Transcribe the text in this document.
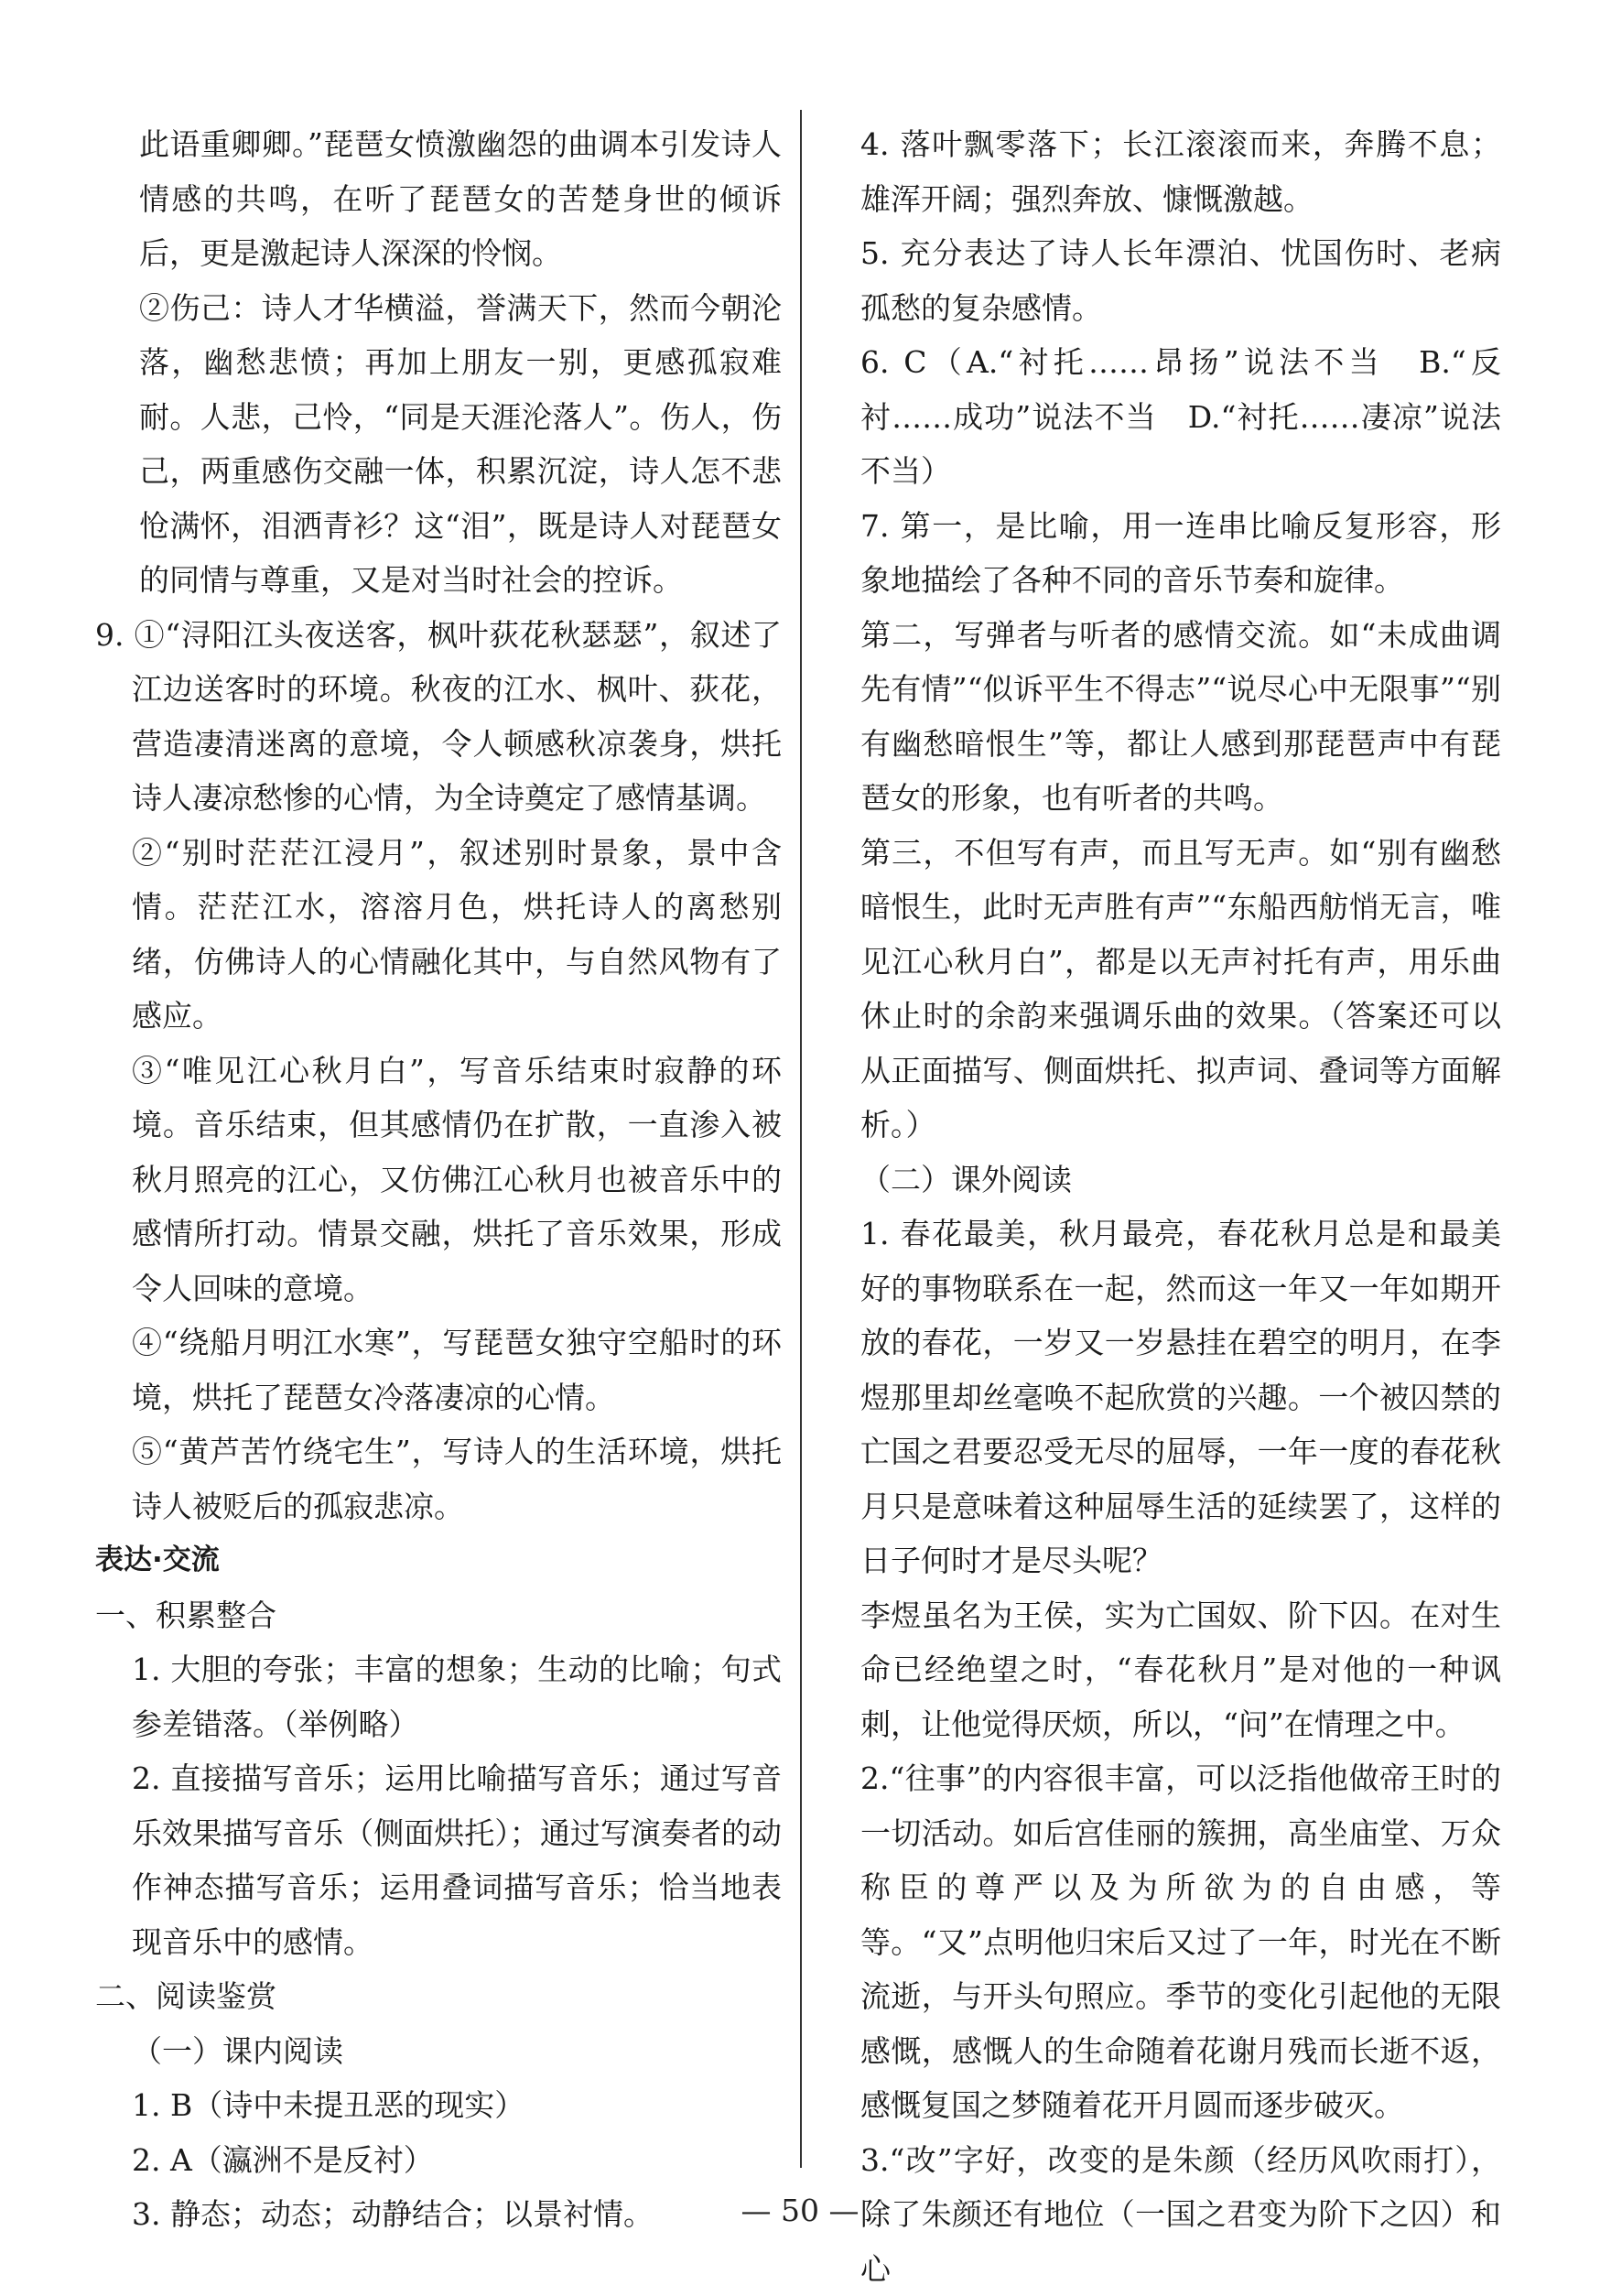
此语重卿卿。”琵琶女愤激幽怨的曲调本引发诗人情感的共鸣，在听了琵琶女的苦楚身世的倾诉后，更是激起诗人深深的怜悯。

②伤己：诗人才华横溢，誉满天下，然而今朝沦落，幽愁悲愤；再加上朋友一别，更感孤寂难耐。人悲，己怜，“同是天涯沦落人”。伤人，伤己，两重感伤交融一体，积累沉淀，诗人怎不悲怆满怀，泪洒青衫？这“泪”，既是诗人对琵琶女的同情与尊重，又是对当时社会的控诉。

9. ①“浔阳江头夜送客，枫叶荻花秋瑟瑟”，叙述了江边送客时的环境。秋夜的江水、枫叶、荻花，营造凄清迷离的意境，令人顿感秋凉袭身，烘托诗人凄凉愁惨的心情，为全诗奠定了感情基调。

②“别时茫茫江浸月”，叙述别时景象，景中含情。茫茫江水，溶溶月色，烘托诗人的离愁别绪，仿佛诗人的心情融化其中，与自然风物有了感应。

③“唯见江心秋月白”，写音乐结束时寂静的环境。音乐结束，但其感情仍在扩散，一直渗入被秋月照亮的江心，又仿佛江心秋月也被音乐中的感情所打动。情景交融，烘托了音乐效果，形成令人回味的意境。

④“绕船月明江水寒”，写琵琶女独守空船时的环境，烘托了琵琶女冷落凄凉的心情。

⑤“黄芦苦竹绕宅生”，写诗人的生活环境，烘托诗人被贬后的孤寂悲凉。

表达·交流

一、积累整合

1. 大胆的夸张；丰富的想象；生动的比喻；句式参差错落。（举例略）

2. 直接描写音乐；运用比喻描写音乐；通过写音乐效果描写音乐（侧面烘托）；通过写演奏者的动作神态描写音乐；运用叠词描写音乐；恰当地表现音乐中的感情。

二、阅读鉴赏

（一）课内阅读

1. B（诗中未提丑恶的现实）

2. A（瀛洲不是反衬）

3. 静态；动态；动静结合；以景衬情。

4. 落叶飘零落下；长江滚滚而来，奔腾不息；雄浑开阔；强烈奔放、慷慨激越。

5. 充分表达了诗人长年漂泊、忧国伤时、老病孤愁的复杂感情。

6. C（A.“衬托……昂扬”说法不当　B.“反衬……成功”说法不当　D.“衬托……凄凉”说法不当）

7. 第一，是比喻，用一连串比喻反复形容，形象地描绘了各种不同的音乐节奏和旋律。

第二，写弹者与听者的感情交流。如“未成曲调先有情”“似诉平生不得志”“说尽心中无限事”“别有幽愁暗恨生”等，都让人感到那琵琶声中有琵琶女的形象，也有听者的共鸣。

第三，不但写有声，而且写无声。如“别有幽愁暗恨生，此时无声胜有声”“东船西舫悄无言，唯见江心秋月白”，都是以无声衬托有声，用乐曲休止时的余韵来强调乐曲的效果。（答案还可以从正面描写、侧面烘托、拟声词、叠词等方面解析。）

（二）课外阅读

1. 春花最美，秋月最亮，春花秋月总是和最美好的事物联系在一起，然而这一年又一年如期开放的春花，一岁又一岁悬挂在碧空的明月，在李煜那里却丝毫唤不起欣赏的兴趣。一个被囚禁的亡国之君要忍受无尽的屈辱，一年一度的春花秋月只是意味着这种屈辱生活的延续罢了，这样的日子何时才是尽头呢？

李煜虽名为王侯，实为亡国奴、阶下囚。在对生命已经绝望之时，“春花秋月”是对他的一种讽刺，让他觉得厌烦，所以，“问”在情理之中。

2.“往事”的内容很丰富，可以泛指他做帝王时的一切活动。如后宫佳丽的簇拥，高坐庙堂、万众称臣的尊严以及为所欲为的自由感，等等。“又”点明他归宋后又过了一年，时光在不断流逝，与开头句照应。季节的变化引起他的无限感慨，感慨人的生命随着花谢月残而长逝不返，感慨复国之梦随着花开月圆而逐步破灭。

3.“改”字好，改变的是朱颜（经历风吹雨打），除了朱颜还有地位（一国之君变为阶下之囚）和心

— 50 —
